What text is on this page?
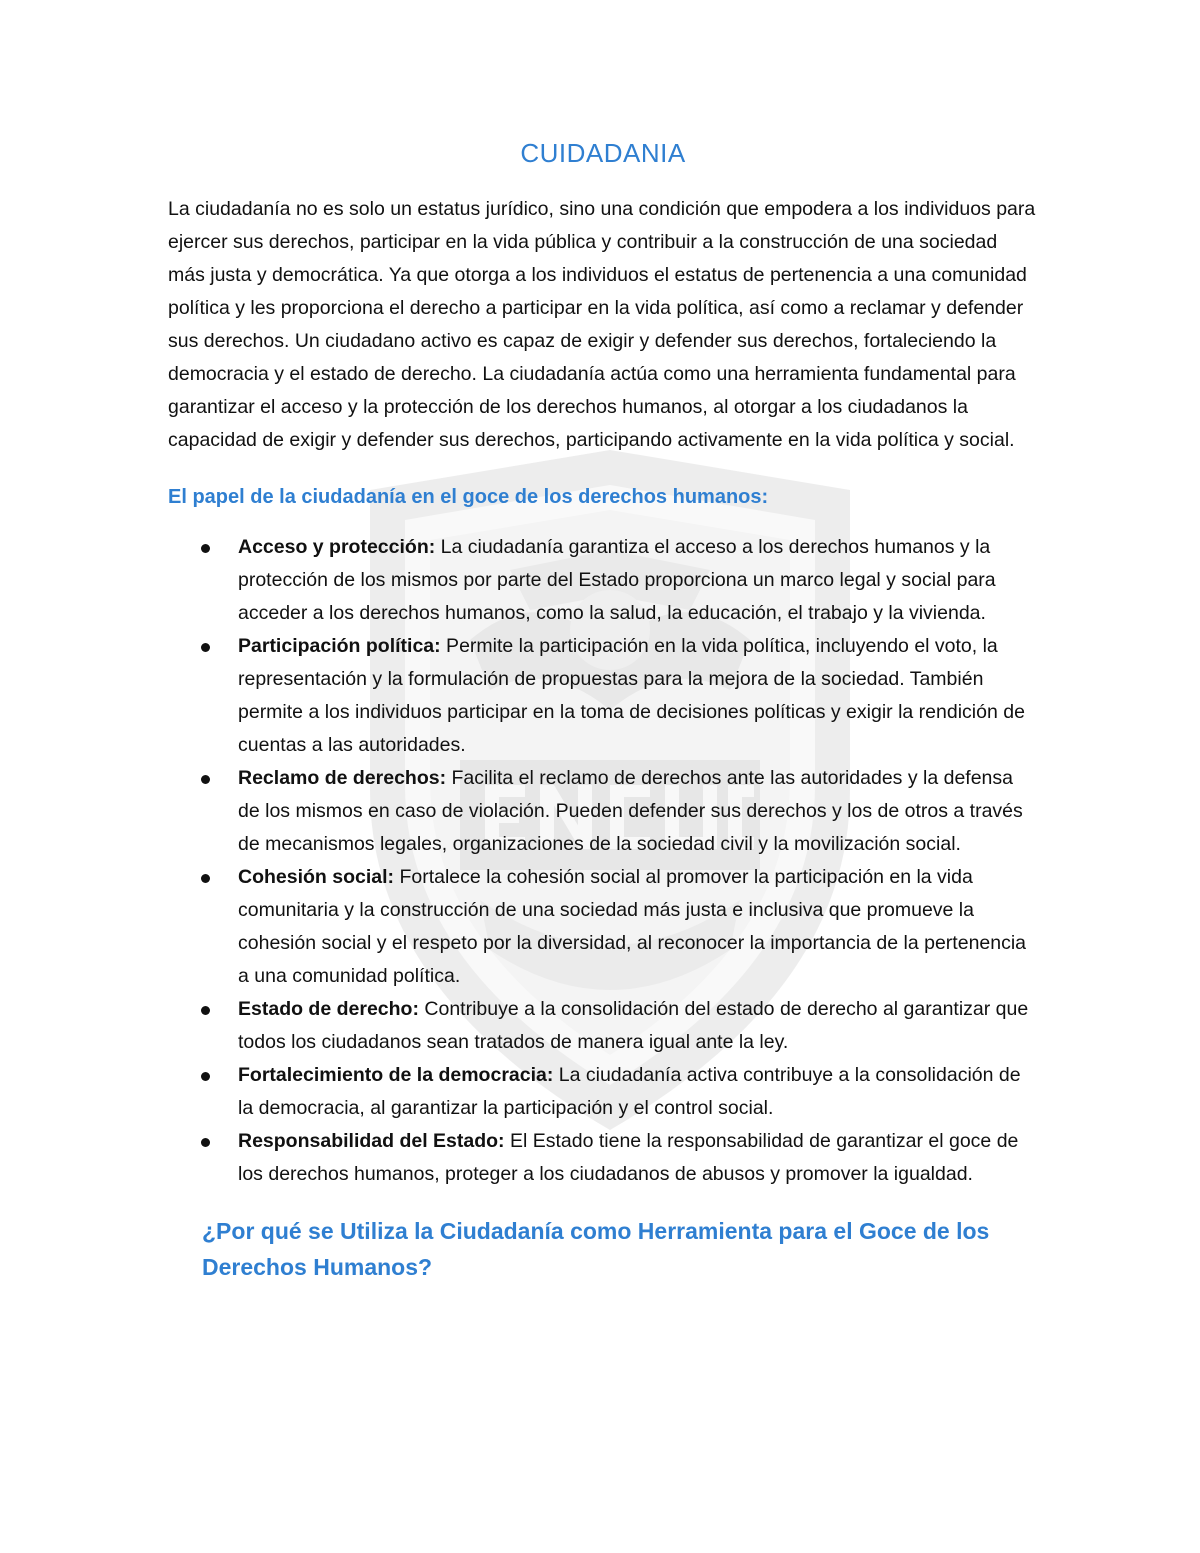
CUIDADANIA

La ciudadanía no es solo un estatus jurídico, sino una condición que empodera a los individuos para ejercer sus derechos, participar en la vida pública y contribuir a la construcción de una sociedad más justa y democrática. Ya que otorga a los individuos el estatus de pertenencia a una comunidad política y les proporciona el derecho a participar en la vida política, así como a reclamar y defender sus derechos. Un ciudadano activo es capaz de exigir y defender sus derechos, fortaleciendo la democracia y el estado de derecho. La ciudadanía actúa como una herramienta fundamental para garantizar el acceso y la protección de los derechos humanos, al otorgar a los ciudadanos la capacidad de exigir y defender sus derechos, participando activamente en la vida política y social.

El papel de la ciudadanía en el goce de los derechos humanos:
Acceso y protección: La ciudadanía garantiza el acceso a los derechos humanos y la protección de los mismos por parte del Estado proporciona un marco legal y social para acceder a los derechos humanos, como la salud, la educación, el trabajo y la vivienda.
Participación política: Permite la participación en la vida política, incluyendo el voto, la representación y la formulación de propuestas para la mejora de la sociedad. También permite a los individuos participar en la toma de decisiones políticas y exigir la rendición de cuentas a las autoridades.
Reclamo de derechos: Facilita el reclamo de derechos ante las autoridades y la defensa de los mismos en caso de violación. Pueden defender sus derechos y los de otros a través de mecanismos legales, organizaciones de la sociedad civil y la movilización social.
Cohesión social: Fortalece la cohesión social al promover la participación en la vida comunitaria y la construcción de una sociedad más justa e inclusiva que promueve la cohesión social y el respeto por la diversidad, al reconocer la importancia de la pertenencia a una comunidad política.
Estado de derecho: Contribuye a la consolidación del estado de derecho al garantizar que todos los ciudadanos sean tratados de manera igual ante la ley.
Fortalecimiento de la democracia: La ciudadanía activa contribuye a la consolidación de la democracia, al garantizar la participación y el control social.
Responsabilidad del Estado: El Estado tiene la responsabilidad de garantizar el goce de los derechos humanos, proteger a los ciudadanos de abusos y promover la igualdad.
¿Por qué se Utiliza la Ciudadanía como Herramienta para el Goce de los Derechos Humanos?
